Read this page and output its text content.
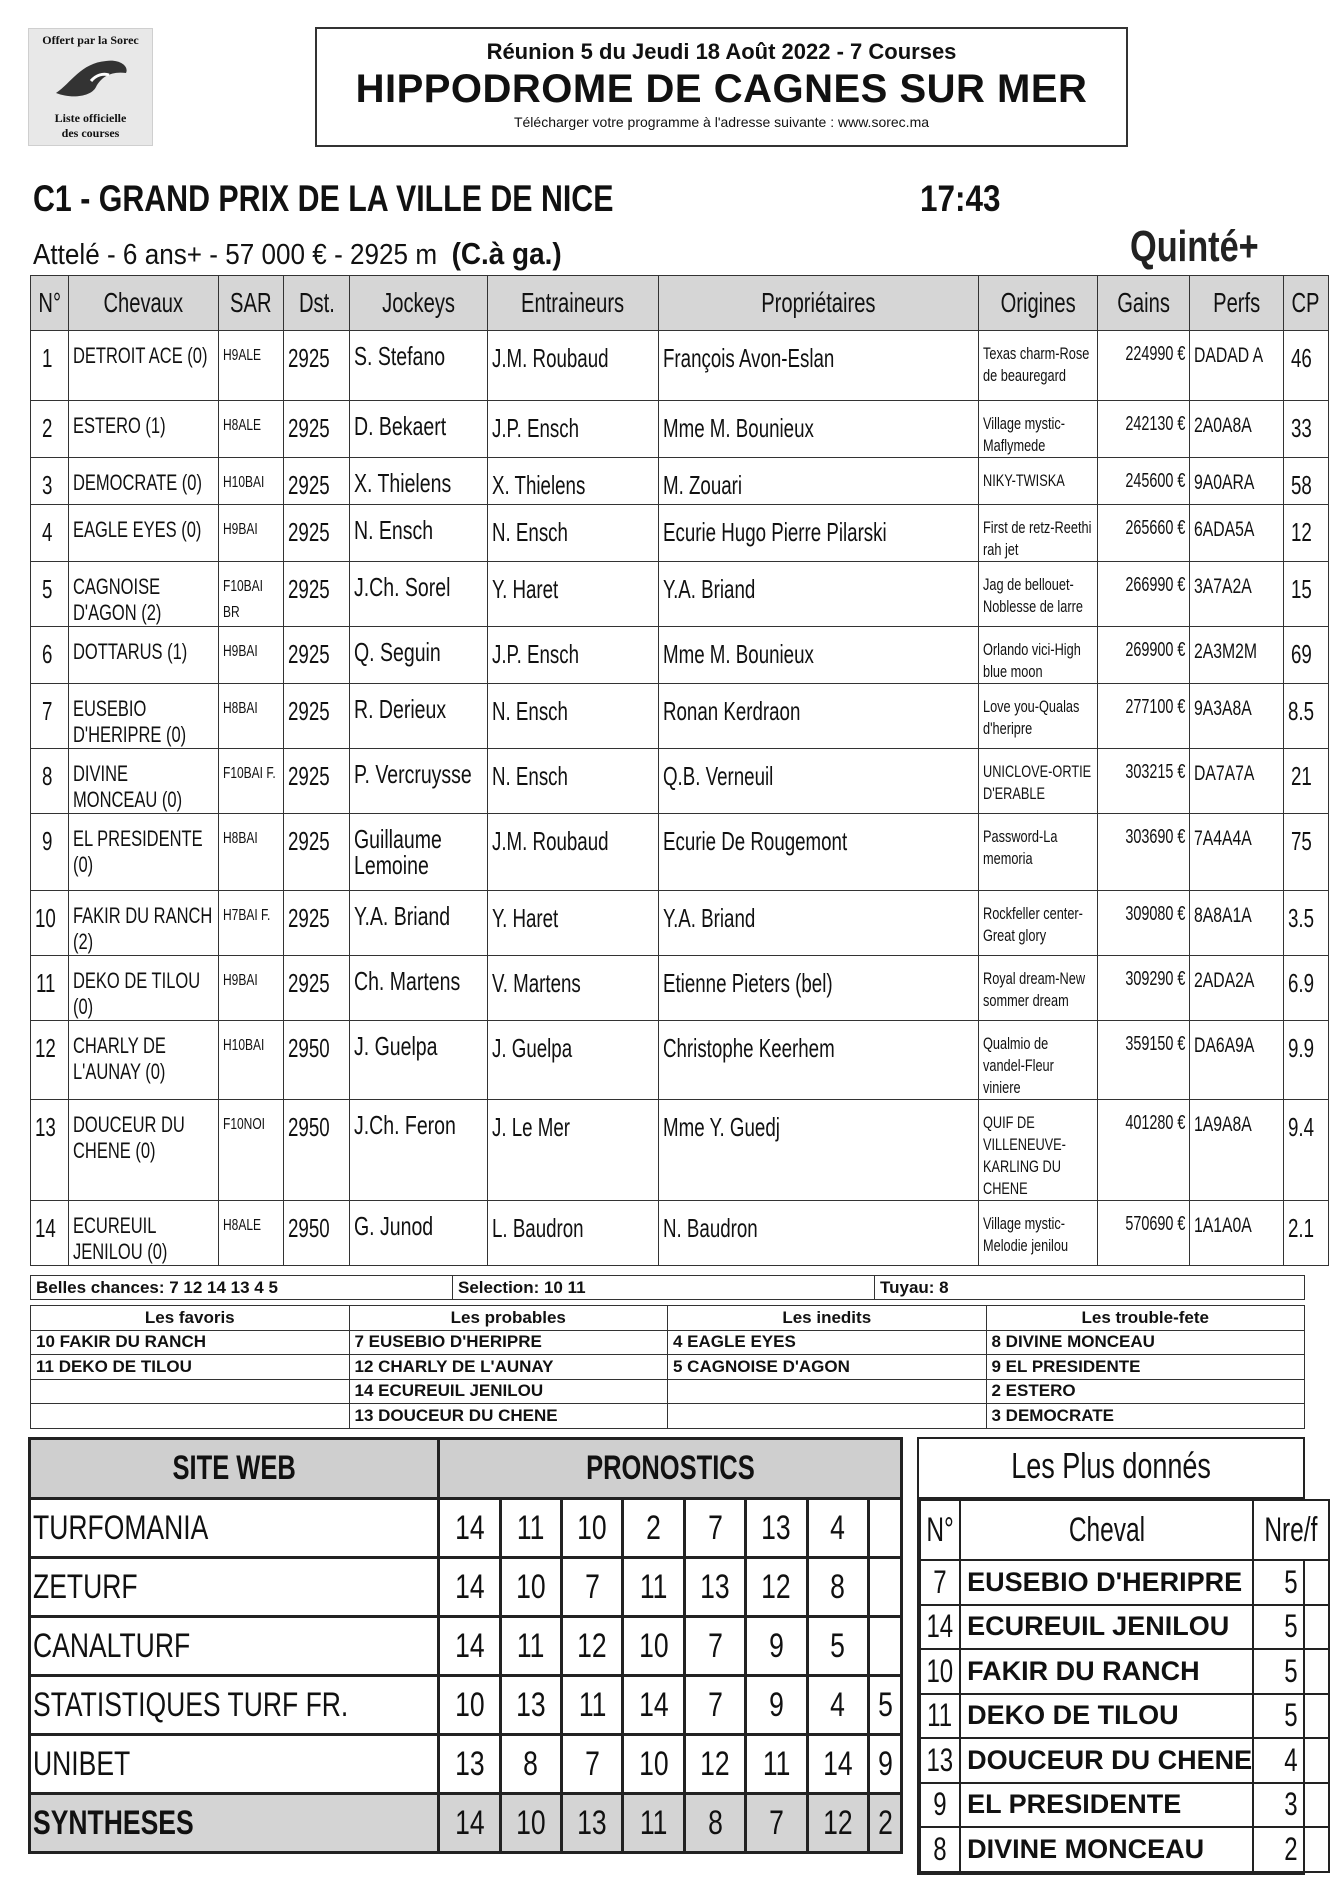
Offert par la Sorec
Liste officielle
des courses
Réunion 5 du Jeudi 18 Août 2022 - 7 Courses
HIPPODROME DE CAGNES SUR MER
Télécharger votre programme à l'adresse suivante : www.sorec.ma
C1 - GRAND PRIX DE LA VILLE DE NICE	17:43
Attelé - 6 ans+ - 57 000 € - 2925 m (C.à ga.)	Quinté+
N°	Chevaux	SAR	Dst.	Jockeys	Entraineurs	Propriétaires	Origines	Gains	Perfs	CP
1	DETROIT ACE (0)	H9ALE	2925	S. Stefano	J.M. Roubaud	François Avon-Eslan	Texas charm-Rose de beauregard	224990 €	DADAD A	46
2	ESTERO (1)	H8ALE	2925	D. Bekaert	J.P. Ensch	Mme M. Bounieux	Village mystic-Maflymede	242130 €	2A0A8A	33
3	DEMOCRATE (0)	H10BAI	2925	X. Thielens	X. Thielens	M. Zouari	NIKY-TWISKA	245600 €	9A0ARA	58
4	EAGLE EYES (0)	H9BAI	2925	N. Ensch	N. Ensch	Ecurie Hugo Pierre Pilarski	First de retz-Reethi rah jet	265660 €	6ADA5A	12
5	CAGNOISE D'AGON (2)	F10BAI BR	2925	J.Ch. Sorel	Y. Haret	Y.A. Briand	Jag de bellouet-Noblesse de larre	266990 €	3A7A2A	15
6	DOTTARUS (1)	H9BAI	2925	Q. Seguin	J.P. Ensch	Mme M. Bounieux	Orlando vici-High blue moon	269900 €	2A3M2M	69
7	EUSEBIO D'HERIPRE (0)	H8BAI	2925	R. Derieux	N. Ensch	Ronan Kerdraon	Love you-Qualas d'heripre	277100 €	9A3A8A	8.5
8	DIVINE MONCEAU (0)	F10BAI F.	2925	P. Vercruysse	N. Ensch	Q.B. Verneuil	UNICLOVE-ORTIE D'ERABLE	303215 €	DA7A7A	21
9	EL PRESIDENTE (0)	H8BAI	2925	Guillaume Lemoine	J.M. Roubaud	Ecurie De Rougemont	Password-La memoria	303690 €	7A4A4A	75
10	FAKIR DU RANCH (2)	H7BAI F.	2925	Y.A. Briand	Y. Haret	Y.A. Briand	Rockfeller center-Great glory	309080 €	8A8A1A	3.5
11	DEKO DE TILOU (0)	H9BAI	2925	Ch. Martens	V. Martens	Etienne Pieters (bel)	Royal dream-New sommer dream	309290 €	2ADA2A	6.9
12	CHARLY DE L'AUNAY (0)	H10BAI	2950	J. Guelpa	J. Guelpa	Christophe Keerhem	Qualmio de vandel-Fleur viniere	359150 €	DA6A9A	9.9
13	DOUCEUR DU CHENE (0)	F10NOI	2950	J.Ch. Feron	J. Le Mer	Mme Y. Guedj	QUIF DE VILLENEUVE-KARLING DU CHENE	401280 €	1A9A8A	9.4
14	ECUREUIL JENILOU (0)	H8ALE	2950	G. Junod	L. Baudron	N. Baudron	Village mystic-Melodie jenilou	570690 €	1A1A0A	2.1
Belles chances: 7 12 14 13 4 5	Selection: 10 11	Tuyau: 8
Les favoris	Les probables	Les inedits	Les trouble-fete
10 FAKIR DU RANCH	7 EUSEBIO D'HERIPRE	4 EAGLE EYES	8 DIVINE MONCEAU
11 DEKO DE TILOU	12 CHARLY DE L'AUNAY	5 CAGNOISE D'AGON	9 EL PRESIDENTE
	14 ECUREUIL JENILOU		2 ESTERO
	13 DOUCEUR DU CHENE		3 DEMOCRATE
SITE WEB	PRONOSTICS							
TURFOMANIA	14	11	10	2	7	13	4	
ZETURF	14	10	7	11	13	12	8	
CANALTURF	14	11	12	10	7	9	5	
STATISTIQUES TURF FR.	10	13	11	14	7	9	4	5
UNIBET	13	8	7	10	12	11	14	9
SYNTHESES	14	10	13	11	8	7	12	2
Les Plus donnés
N°	Cheval	Nre/f
7	EUSEBIO D'HERIPRE	5
14	ECUREUIL JENILOU	5
10	FAKIR DU RANCH	5
11	DEKO DE TILOU	5
13	DOUCEUR DU CHENE	4
9	EL PRESIDENTE	3
8	DIVINE MONCEAU	2
